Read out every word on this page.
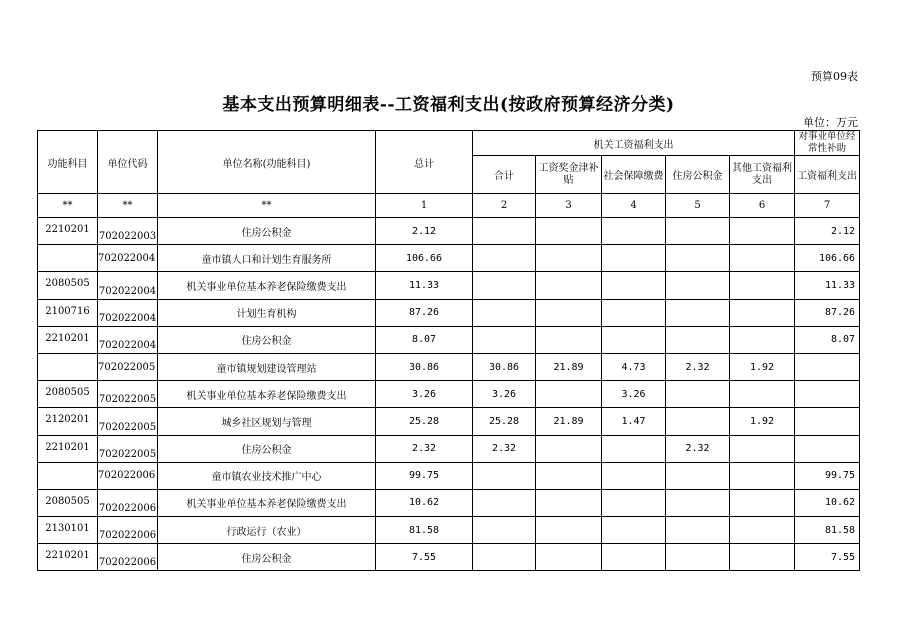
预算09表
基本支出预算明细表--工资福利支出(按政府预算经济分类)
单位：万元
功能科目	单位代码	单位名称(功能科目)	总计	机关工资福利支出					对事业单位经常性补助
				合计	工资奖金津补贴	社会保障缴费	住房公积金	其他工资福利支出	工资福利支出
**	**	**	1	2	3	4	5	6	7
2210201	702022003	住房公积金	2.12						2.12
	702022004	童市镇人口和计划生育服务所	106.66						106.66
2080505	702022004	机关事业单位基本养老保险缴费支出	11.33						11.33
2100716	702022004	计划生育机构	87.26						87.26
2210201	702022004	住房公积金	8.07						8.07
	702022005	童市镇规划建设管理站	30.86	30.86	21.89	4.73	2.32	1.92	
2080505	702022005	机关事业单位基本养老保险缴费支出	3.26	3.26		3.26			
2120201	702022005	城乡社区规划与管理	25.28	25.28	21.89	1.47		1.92	
2210201	702022005	住房公积金	2.32	2.32			2.32		
	702022006	童市镇农业技术推广中心	99.75						99.75
2080505	702022006	机关事业单位基本养老保险缴费支出	10.62						10.62
2130101	702022006	行政运行（农业）	81.58						81.58
2210201	702022006	住房公积金	7.55						7.55
